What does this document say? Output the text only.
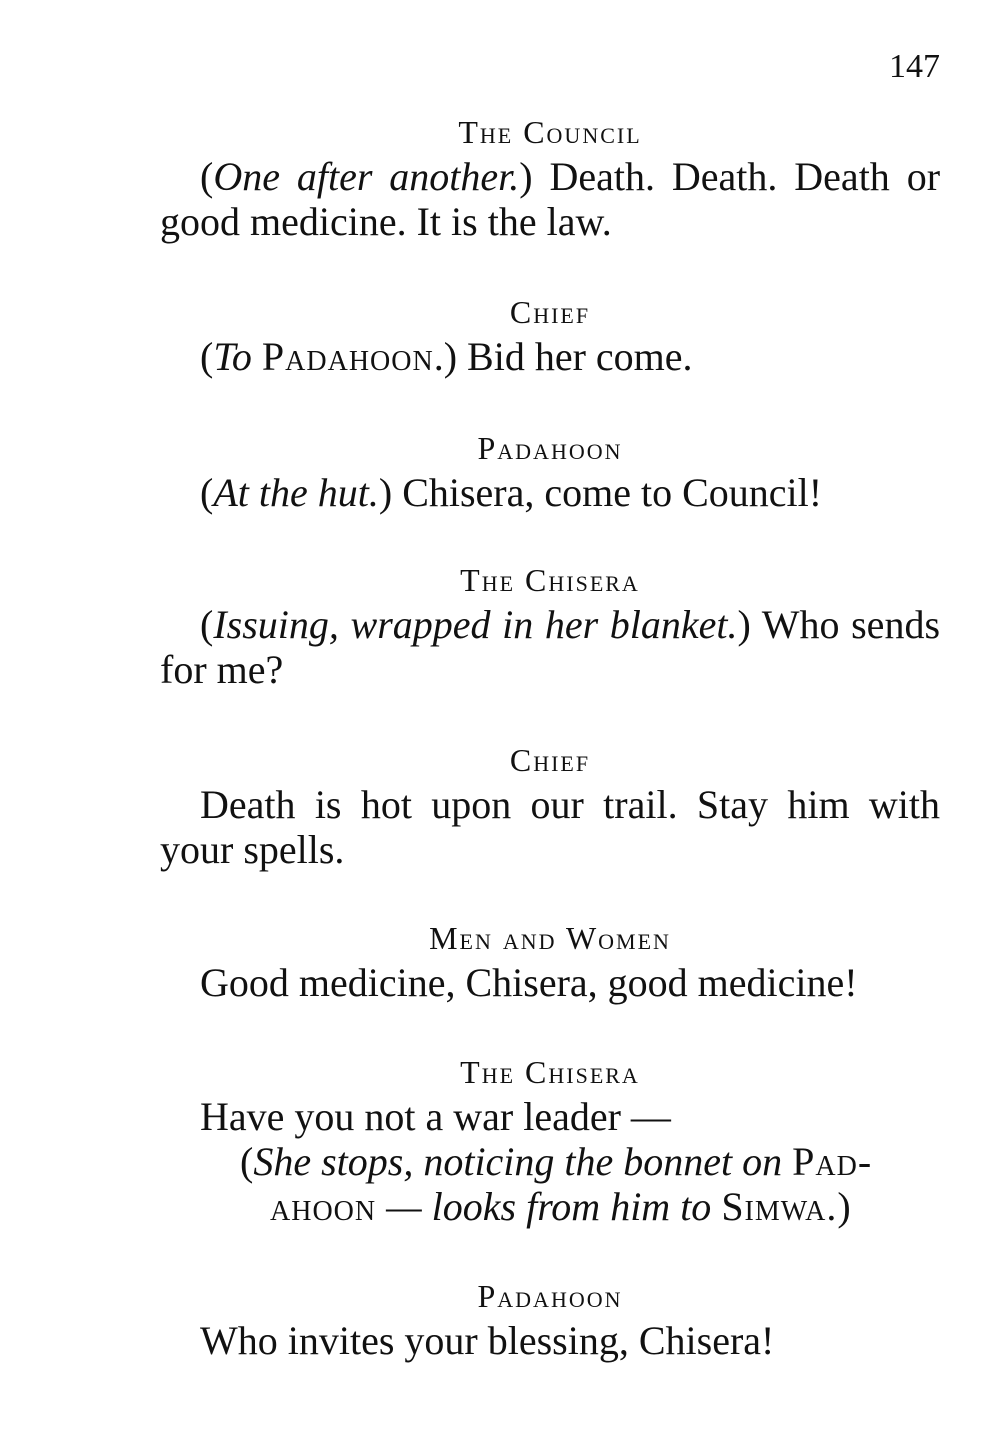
147
The Council
(One after another.) Death. Death. Death or good medicine. It is the law.
Chief
(To Padahoon.) Bid her come.
Padahoon
(At the hut.) Chisera, come to Council!
The Chisera
(Issuing, wrapped in her blanket.) Who sends for me?
Chief
Death is hot upon our trail. Stay him with your spells.
Men and Women
Good medicine, Chisera, good medicine!
The Chisera
Have you not a war leader —
(She stops, noticing the bonnet on Pad-
ahoon — looks from him to Simwa.)
Padahoon
Who invites your blessing, Chisera!
